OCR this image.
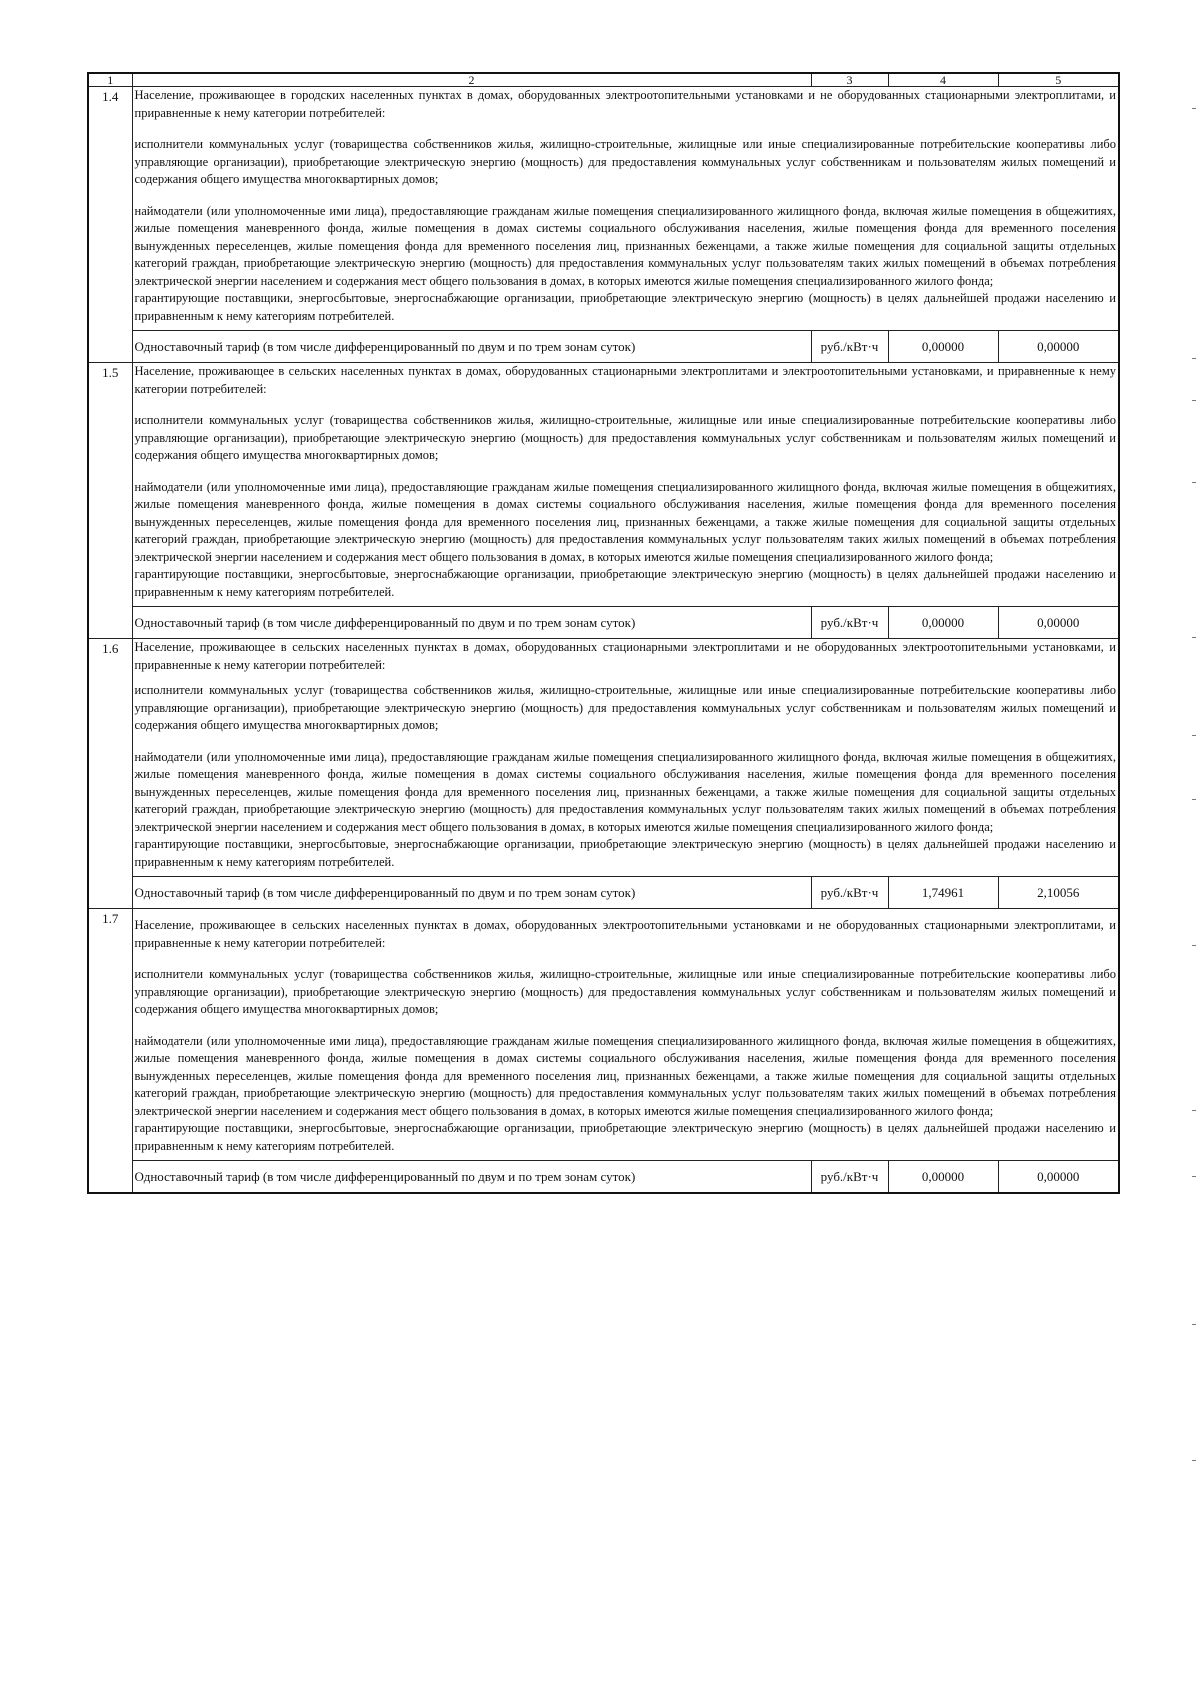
1	2	3	4	5
1.4	Население, проживающее в городских населенных пунктах в домах, оборудованных электроотопительными установками и не оборудованных стационарными электроплитами, и приравненные к нему категории потребителей:

исполнители коммунальных услуг (товарищества собственников жилья, жилищно-строительные, жилищные или иные специализированные потребительские кооперативы либо управляющие организации), приобретающие электрическую энергию (мощность) для предоставления коммунальных услуг собственникам и пользователям жилых помещений и содержания общего имущества многоквартирных домов;

наймодатели (или уполномоченные ими лица), предоставляющие гражданам жилые помещения специализированного жилищного фонда, включая жилые помещения в общежитиях, жилые помещения маневренного фонда, жилые помещения в домах системы социального обслуживания населения, жилые помещения фонда для временного поселения вынужденных переселенцев, жилые помещения фонда для временного поселения лиц, признанных беженцами, а также жилые помещения для социальной защиты отдельных категорий граждан, приобретающие электрическую энергию (мощность) для предоставления коммунальных услуг пользователям таких жилых помещений в объемах потребления электрической энергии населением и содержания мест общего пользования в домах, в которых имеются жилые помещения специализированного жилого фонда;

гарантирующие поставщики, энергосбытовые, энергоснабжающие организации, приобретающие электрическую энергию (мощность) в целях дальнейшей продажи населению и приравненным к нему категориям потребителей.			

	Одноставочный тариф (в том числе дифференцированный по двум и по трем зонам суток)	руб./кВт·ч	0,00000	0,00000
1.5	Население, проживающее в сельских населенных пунктах в домах, оборудованных стационарными электроплитами и электроотопительными установками, и приравненные к нему категории потребителей:

исполнители коммунальных услуг (товарищества собственников жилья, жилищно-строительные, жилищные или иные специализированные потребительские кооперативы либо управляющие организации), приобретающие электрическую энергию (мощность) для предоставления коммунальных услуг собственникам и пользователям жилых помещений и содержания общего имущества многоквартирных домов;

наймодатели (или уполномоченные ими лица), предоставляющие гражданам жилые помещения специализированного жилищного фонда, включая жилые помещения в общежитиях, жилые помещения маневренного фонда, жилые помещения в домах системы социального обслуживания населения, жилые помещения фонда для временного поселения вынужденных переселенцев, жилые помещения фонда для временного поселения лиц, признанных беженцами, а также жилые помещения для социальной защиты отдельных категорий граждан, приобретающие электрическую энергию (мощность) для предоставления коммунальных услуг пользователям таких жилых помещений в объемах потребления электрической энергии населением и содержания мест общего пользования в домах, в которых имеются жилые помещения специализированного жилого фонда;

гарантирующие поставщики, энергосбытовые, энергоснабжающие организации, приобретающие электрическую энергию (мощность) в целях дальнейшей продажи населению и приравненным к нему категориям потребителей.			

	Одноставочный тариф (в том числе дифференцированный по двум и по трем зонам суток)	руб./кВт·ч	0,00000	0,00000
1.6	Население, проживающее в сельских населенных пунктах в домах, оборудованных стационарными электроплитами и не оборудованных электроотопительными установками, и приравненные к нему категории потребителей:

исполнители коммунальных услуг (товарищества собственников жилья, жилищно-строительные, жилищные или иные специализированные потребительские кооперативы либо управляющие организации), приобретающие электрическую энергию (мощность) для предоставления коммунальных услуг собственникам и пользователям жилых помещений и содержания общего имущества многоквартирных домов;

наймодатели (или уполномоченные ими лица), предоставляющие гражданам жилые помещения специализированного жилищного фонда, включая жилые помещения в общежитиях, жилые помещения маневренного фонда, жилые помещения в домах системы социального обслуживания населения, жилые помещения фонда для временного поселения вынужденных переселенцев, жилые помещения фонда для временного поселения лиц, признанных беженцами, а также жилые помещения для социальной защиты отдельных категорий граждан, приобретающие электрическую энергию (мощность) для предоставления коммунальных услуг пользователям таких жилых помещений в объемах потребления электрической энергии населением и содержания мест общего пользования в домах, в которых имеются жилые помещения специализированного жилого фонда;

гарантирующие поставщики, энергосбытовые, энергоснабжающие организации, приобретающие электрическую энергию (мощность) в целях дальнейшей продажи населению и приравненным к нему категориям потребителей.			

	Одноставочный тариф (в том числе дифференцированный по двум и по трем зонам суток)	руб./кВт·ч	1,74961	2,10056
1.7	Население, проживающее в сельских населенных пунктах в домах, оборудованных электроотопительными установками и не оборудованных стационарными электроплитами, и приравненные к нему категории потребителей:

исполнители коммунальных услуг (товарищества собственников жилья, жилищно-строительные, жилищные или иные специализированные потребительские кооперативы либо управляющие организации), приобретающие электрическую энергию (мощность) для предоставления коммунальных услуг собственникам и пользователям жилых помещений и содержания общего имущества многоквартирных домов;

наймодатели (или уполномоченные ими лица), предоставляющие гражданам жилые помещения специализированного жилищного фонда, включая жилые помещения в общежитиях, жилые помещения маневренного фонда, жилые помещения в домах системы социального обслуживания населения, жилые помещения фонда для временного поселения вынужденных переселенцев, жилые помещения фонда для временного поселения лиц, признанных беженцами, а также жилые помещения для социальной защиты отдельных категорий граждан, приобретающие электрическую энергию (мощность) для предоставления коммунальных услуг пользователям таких жилых помещений в объемах потребления электрической энергии населением и содержания мест общего пользования в домах, в которых имеются жилые помещения специализированного жилого фонда;

гарантирующие поставщики, энергосбытовые, энергоснабжающие организации, приобретающие электрическую энергию (мощность) в целях дальнейшей продажи населению и приравненным к нему категориям потребителей.			

	Одноставочный тариф (в том числе дифференцированный по двум и по трем зонам суток)	руб./кВт·ч	0,00000	0,00000
